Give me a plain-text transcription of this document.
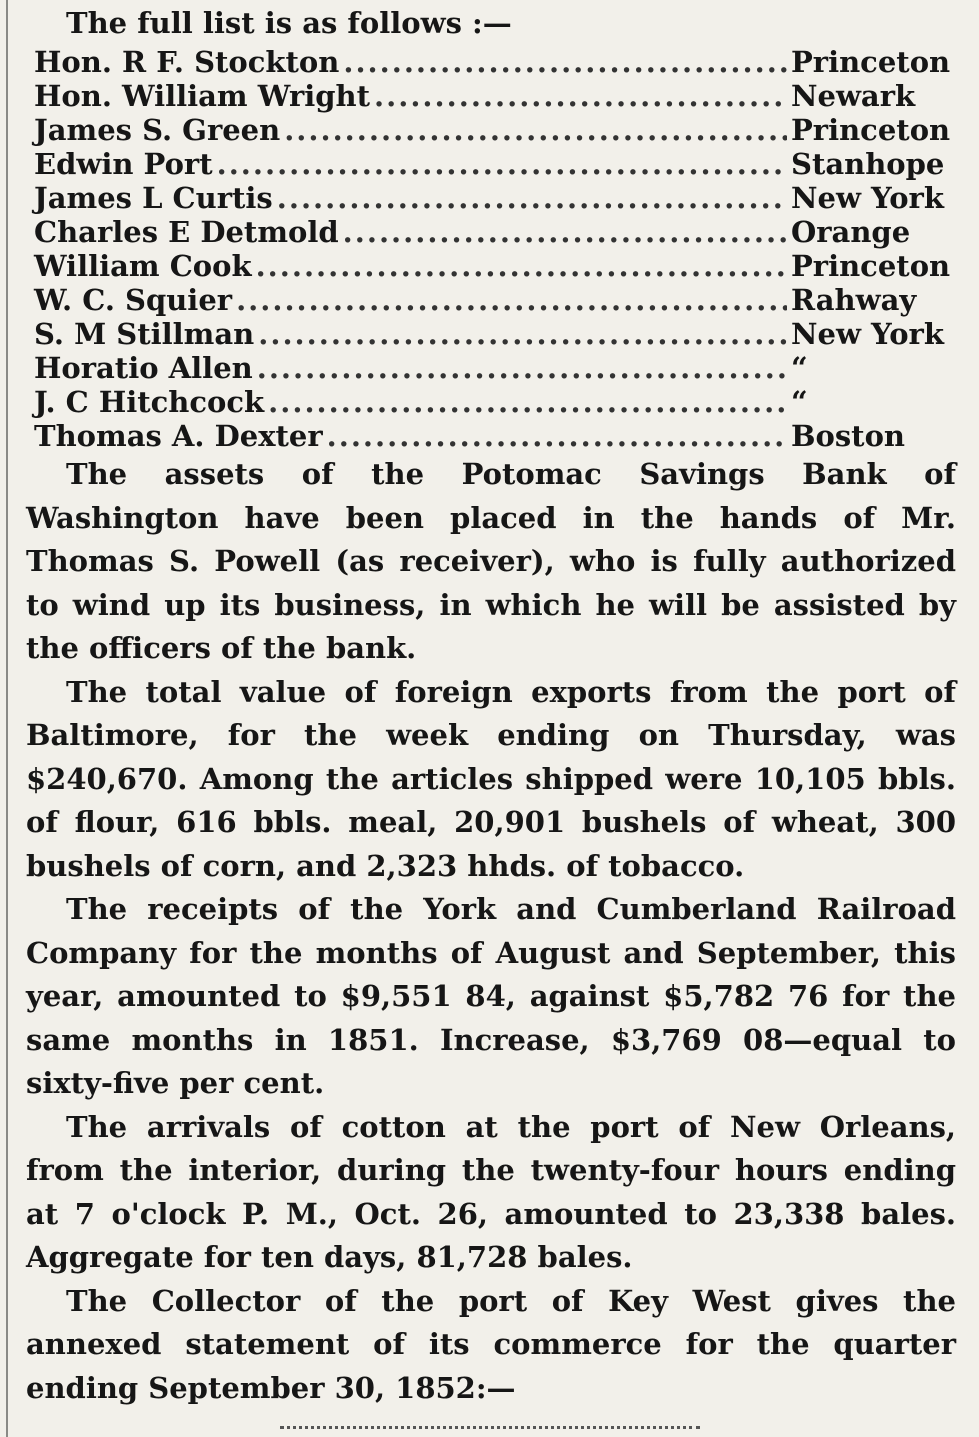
The full list is as follows :—

Hon. R F. Stockton .....	Princeton
Hon. William Wright .....	Newark
James S. Green .....	Princeton
Edwin Port .....	Stanhope
James L Curtis .....	New York
Charles E Detmold .....	Orange
William Cook .....	Princeton
W. C. Squier .....	Rahway
S. M Stillman .....	New York
Horatio Allen .....	“
J. C Hitchcock .....	“
Thomas A. Dexter .....	Boston

The assets of the Potomac Savings Bank of Washington have been placed in the hands of Mr. Thomas S. Powell (as receiver), who is fully authorized to wind up its business, in which he will be assisted by the officers of the bank.

The total value of foreign exports from the port of Baltimore, for the week ending on Thursday, was $240,670. Among the articles shipped were 10,105 bbls. of flour, 616 bbls. meal, 20,901 bushels of wheat, 300 bushels of corn, and 2,323 hhds. of tobacco.

The receipts of the York and Cumberland Railroad Company for the months of August and September, this year, amounted to $9,551 84, against $5,782 76 for the same months in 1851. Increase, $3,769 08—equal to sixty-five per cent.

The arrivals of cotton at the port of New Orleans, from the interior, during the twenty-four hours ending at 7 o'clock P. M., Oct. 26, amounted to 23,338 bales. Aggregate for ten days, 81,728 bales.

The Collector of the port of Key West gives the annexed statement of its commerce for the quarter ending September 30, 1852:—
